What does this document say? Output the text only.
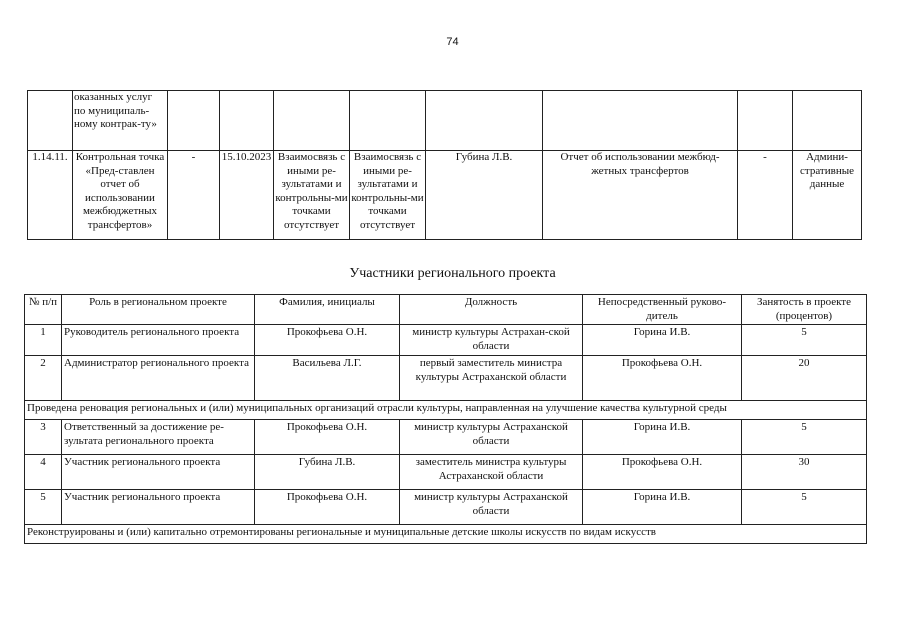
74
	оказанных услуг по муниципаль-ному контрак-ту»								
1.14.11.	Контрольная точка «Пред-ставлен отчет об использовании межбюджетных трансфертов»	-	15.10.2023	Взаимосвязь с иными ре-зультатами и контрольны-ми точками отсутствует	Взаимосвязь с иными ре-зультатами и контрольны-ми точками отсутствует	Губина Л.В.	Отчет об использовании межбюд-жетных трансфертов	-	Админи-стративные данные
Участники регионального проекта
№ п/п	Роль в региональном проекте	Фамилия, инициалы	Должность	Непосредственный руково-дитель	Занятость в проекте (процентов)
1	Руководитель регионального проекта	Прокофьева О.Н.	министр культуры Астрахан-ской области	Горина И.В.	5
2	Администратор регионального проекта	Васильева Л.Г.	первый заместитель министра культуры Астраханской области	Прокофьева О.Н.	20
Проведена реновация региональных и (или) муниципальных организаций отрасли культуры, направленная на улучшение качества культурной среды					
3	Ответственный за достижение ре-зультата регионального проекта	Прокофьева О.Н.	министр культуры Астраханской области	Горина И.В.	5
4	Участник регионального проекта	Губина Л.В.	заместитель министра культуры Астраханской области	Прокофьева О.Н.	30
5	Участник регионального проекта	Прокофьева О.Н.	министр культуры Астраханской области	Горина И.В.	5
Реконструированы и (или) капитально отремонтированы региональные и муниципальные детские школы искусств по видам искусств					
